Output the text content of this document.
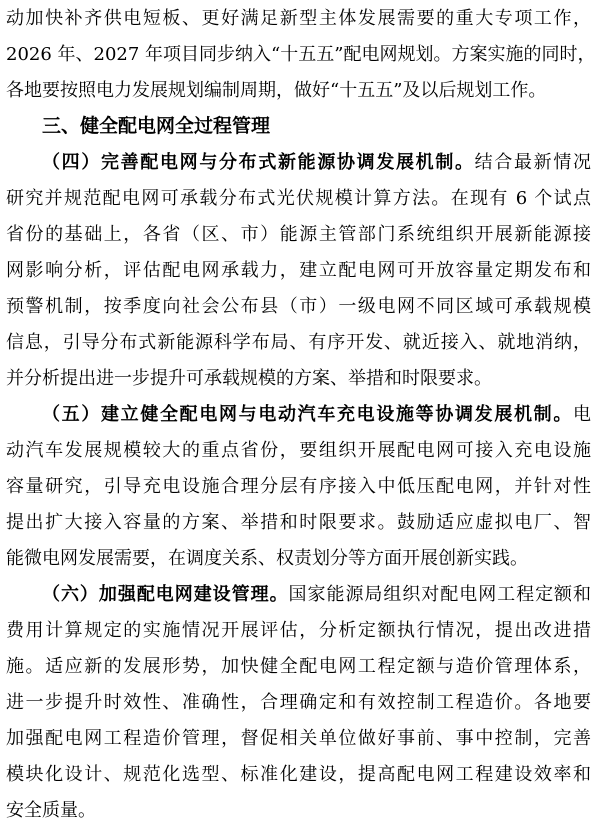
动加快补齐供电短板、更好满足新型主体发展需要的重大专项工作，
2026 年、2027 年项目同步纳入“十五五”配电网规划。方案实施的同时，
各地要按照电力发展规划编制周期，做好“十五五”及以后规划工作。
三、健全配电网全过程管理
（四）完善配电网与分布式新能源协调发展机制。结合最新情况
研究并规范配电网可承载分布式光伏规模计算方法。在现有 6 个试点
省份的基础上，各省（区、市）能源主管部门系统组织开展新能源接
网影响分析，评估配电网承载力，建立配电网可开放容量定期发布和
预警机制，按季度向社会公布县（市）一级电网不同区域可承载规模
信息，引导分布式新能源科学布局、有序开发、就近接入、就地消纳，
并分析提出进一步提升可承载规模的方案、举措和时限要求。
（五）建立健全配电网与电动汽车充电设施等协调发展机制。电
动汽车发展规模较大的重点省份，要组织开展配电网可接入充电设施
容量研究，引导充电设施合理分层有序接入中低压配电网，并针对性
提出扩大接入容量的方案、举措和时限要求。鼓励适应虚拟电厂、智
能微电网发展需要，在调度关系、权责划分等方面开展创新实践。
（六）加强配电网建设管理。国家能源局组织对配电网工程定额和
费用计算规定的实施情况开展评估，分析定额执行情况，提出改进措
施。适应新的发展形势，加快健全配电网工程定额与造价管理体系，
进一步提升时效性、准确性，合理确定和有效控制工程造价。各地要
加强配电网工程造价管理，督促相关单位做好事前、事中控制，完善
模块化设计、规范化选型、标准化建设，提高配电网工程建设效率和
安全质量。
